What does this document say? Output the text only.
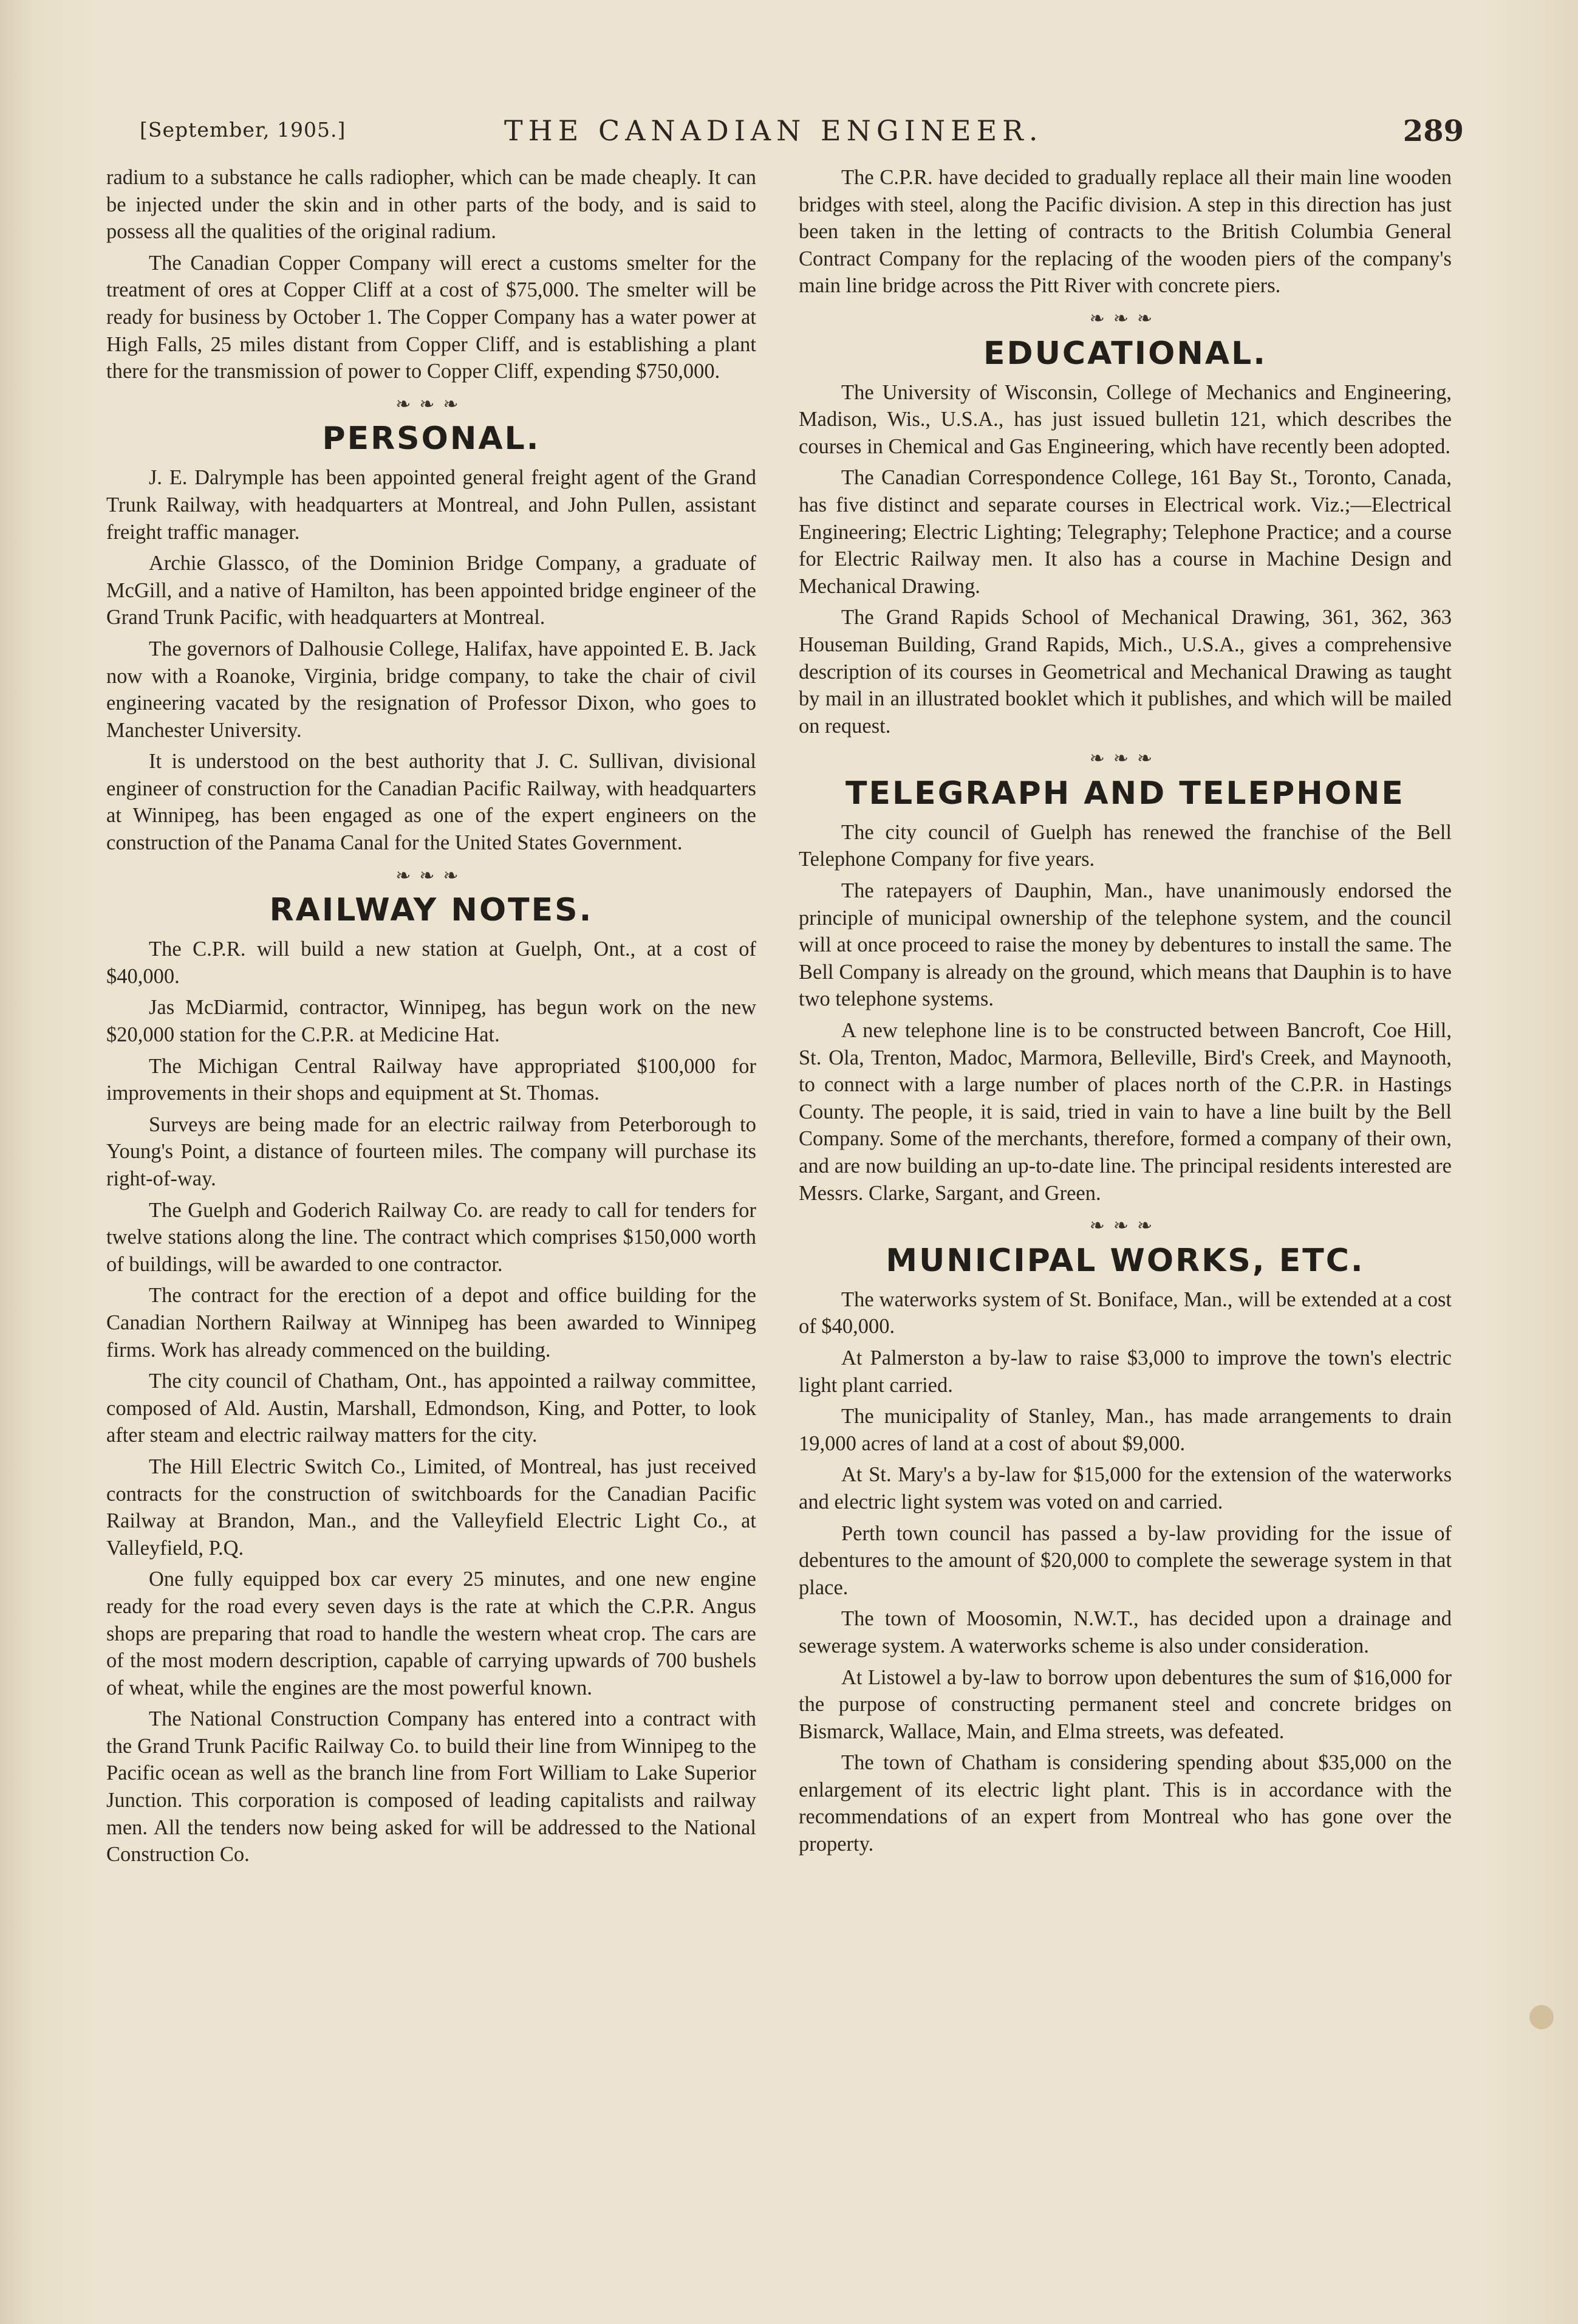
[September, 1905.]	THE CANADIAN ENGINEER.	289

radium to a substance he calls radiopher, which can be made cheaply. It can be injected under the skin and in other parts of the body, and is said to possess all the qualities of the original radium.

The Canadian Copper Company will erect a customs smelter for the treatment of ores at Copper Cliff at a cost of $75,000. The smelter will be ready for business by October 1. The Copper Company has a water power at High Falls, 25 miles distant from Copper Cliff, and is establishing a plant there for the transmission of power to Copper Cliff, expending $750,000.

❧❧❧
PERSONAL.

J. E. Dalrymple has been appointed general freight agent of the Grand Trunk Railway, with headquarters at Montreal, and John Pullen, assistant freight traffic manager.

Archie Glassco, of the Dominion Bridge Company, a graduate of McGill, and a native of Hamilton, has been appointed bridge engineer of the Grand Trunk Pacific, with headquarters at Montreal.

The governors of Dalhousie College, Halifax, have appointed E. B. Jack now with a Roanoke, Virginia, bridge company, to take the chair of civil engineering vacated by the resignation of Professor Dixon, who goes to Manchester University.

It is understood on the best authority that J. C. Sullivan, divisional engineer of construction for the Canadian Pacific Railway, with headquarters at Winnipeg, has been engaged as one of the expert engineers on the construction of the Panama Canal for the United States Government.

❧❧❧
RAILWAY NOTES.

The C.P.R. will build a new station at Guelph, Ont., at a cost of $40,000.

Jas McDiarmid, contractor, Winnipeg, has begun work on the new $20,000 station for the C.P.R. at Medicine Hat.

The Michigan Central Railway have appropriated $100,000 for improvements in their shops and equipment at St. Thomas.

Surveys are being made for an electric railway from Peterborough to Young's Point, a distance of fourteen miles. The company will purchase its right-of-way.

The Guelph and Goderich Railway Co. are ready to call for tenders for twelve stations along the line. The contract which comprises $150,000 worth of buildings, will be awarded to one contractor.

The contract for the erection of a depot and office building for the Canadian Northern Railway at Winnipeg has been awarded to Winnipeg firms. Work has already commenced on the building.

The city council of Chatham, Ont., has appointed a railway committee, composed of Ald. Austin, Marshall, Edmondson, King, and Potter, to look after steam and electric railway matters for the city.

The Hill Electric Switch Co., Limited, of Montreal, has just received contracts for the construction of switchboards for the Canadian Pacific Railway at Brandon, Man., and the Valleyfield Electric Light Co., at Valleyfield, P.Q.

One fully equipped box car every 25 minutes, and one new engine ready for the road every seven days is the rate at which the C.P.R. Angus shops are preparing that road to handle the western wheat crop. The cars are of the most modern description, capable of carrying upwards of 700 bushels of wheat, while the engines are the most powerful known.

The National Construction Company has entered into a contract with the Grand Trunk Pacific Railway Co. to build their line from Winnipeg to the Pacific ocean as well as the branch line from Fort William to Lake Superior Junction. This corporation is composed of leading capitalists and railway men. All the tenders now being asked for will be addressed to the National Construction Co.

The C.P.R. have decided to gradually replace all their main line wooden bridges with steel, along the Pacific division. A step in this direction has just been taken in the letting of contracts to the British Columbia General Contract Company for the replacing of the wooden piers of the company's main line bridge across the Pitt River with concrete piers.

❧❧❧
EDUCATIONAL.

The University of Wisconsin, College of Mechanics and Engineering, Madison, Wis., U.S.A., has just issued bulletin 121, which describes the courses in Chemical and Gas Engineering, which have recently been adopted.

The Canadian Correspondence College, 161 Bay St., Toronto, Canada, has five distinct and separate courses in Electrical work. Viz.;—Electrical Engineering; Electric Lighting; Telegraphy; Telephone Practice; and a course for Electric Railway men. It also has a course in Machine Design and Mechanical Drawing.

The Grand Rapids School of Mechanical Drawing, 361, 362, 363 Houseman Building, Grand Rapids, Mich., U.S.A., gives a comprehensive description of its courses in Geometrical and Mechanical Drawing as taught by mail in an illustrated booklet which it publishes, and which will be mailed on request.

❧❧❧
TELEGRAPH AND TELEPHONE

The city council of Guelph has renewed the franchise of the Bell Telephone Company for five years.

The ratepayers of Dauphin, Man., have unanimously endorsed the principle of municipal ownership of the telephone system, and the council will at once proceed to raise the money by debentures to install the same. The Bell Company is already on the ground, which means that Dauphin is to have two telephone systems.

A new telephone line is to be constructed between Bancroft, Coe Hill, St. Ola, Trenton, Madoc, Marmora, Belleville, Bird's Creek, and Maynooth, to connect with a large number of places north of the C.P.R. in Hastings County. The people, it is said, tried in vain to have a line built by the Bell Company. Some of the merchants, therefore, formed a company of their own, and are now building an up-to-date line. The principal residents interested are Messrs. Clarke, Sargant, and Green.

❧❧❧
MUNICIPAL WORKS, ETC.

The waterworks system of St. Boniface, Man., will be extended at a cost of $40,000.

At Palmerston a by-law to raise $3,000 to improve the town's electric light plant carried.

The municipality of Stanley, Man., has made arrangements to drain 19,000 acres of land at a cost of about $9,000.

At St. Mary's a by-law for $15,000 for the extension of the waterworks and electric light system was voted on and carried.

Perth town council has passed a by-law providing for the issue of debentures to the amount of $20,000 to complete the sewerage system in that place.

The town of Moosomin, N.W.T., has decided upon a drainage and sewerage system. A waterworks scheme is also under consideration.

At Listowel a by-law to borrow upon debentures the sum of $16,000 for the purpose of constructing permanent steel and concrete bridges on Bismarck, Wallace, Main, and Elma streets, was defeated.

The town of Chatham is considering spending about $35,000 on the enlargement of its electric light plant. This is in accordance with the recommendations of an expert from Montreal who has gone over the property.
